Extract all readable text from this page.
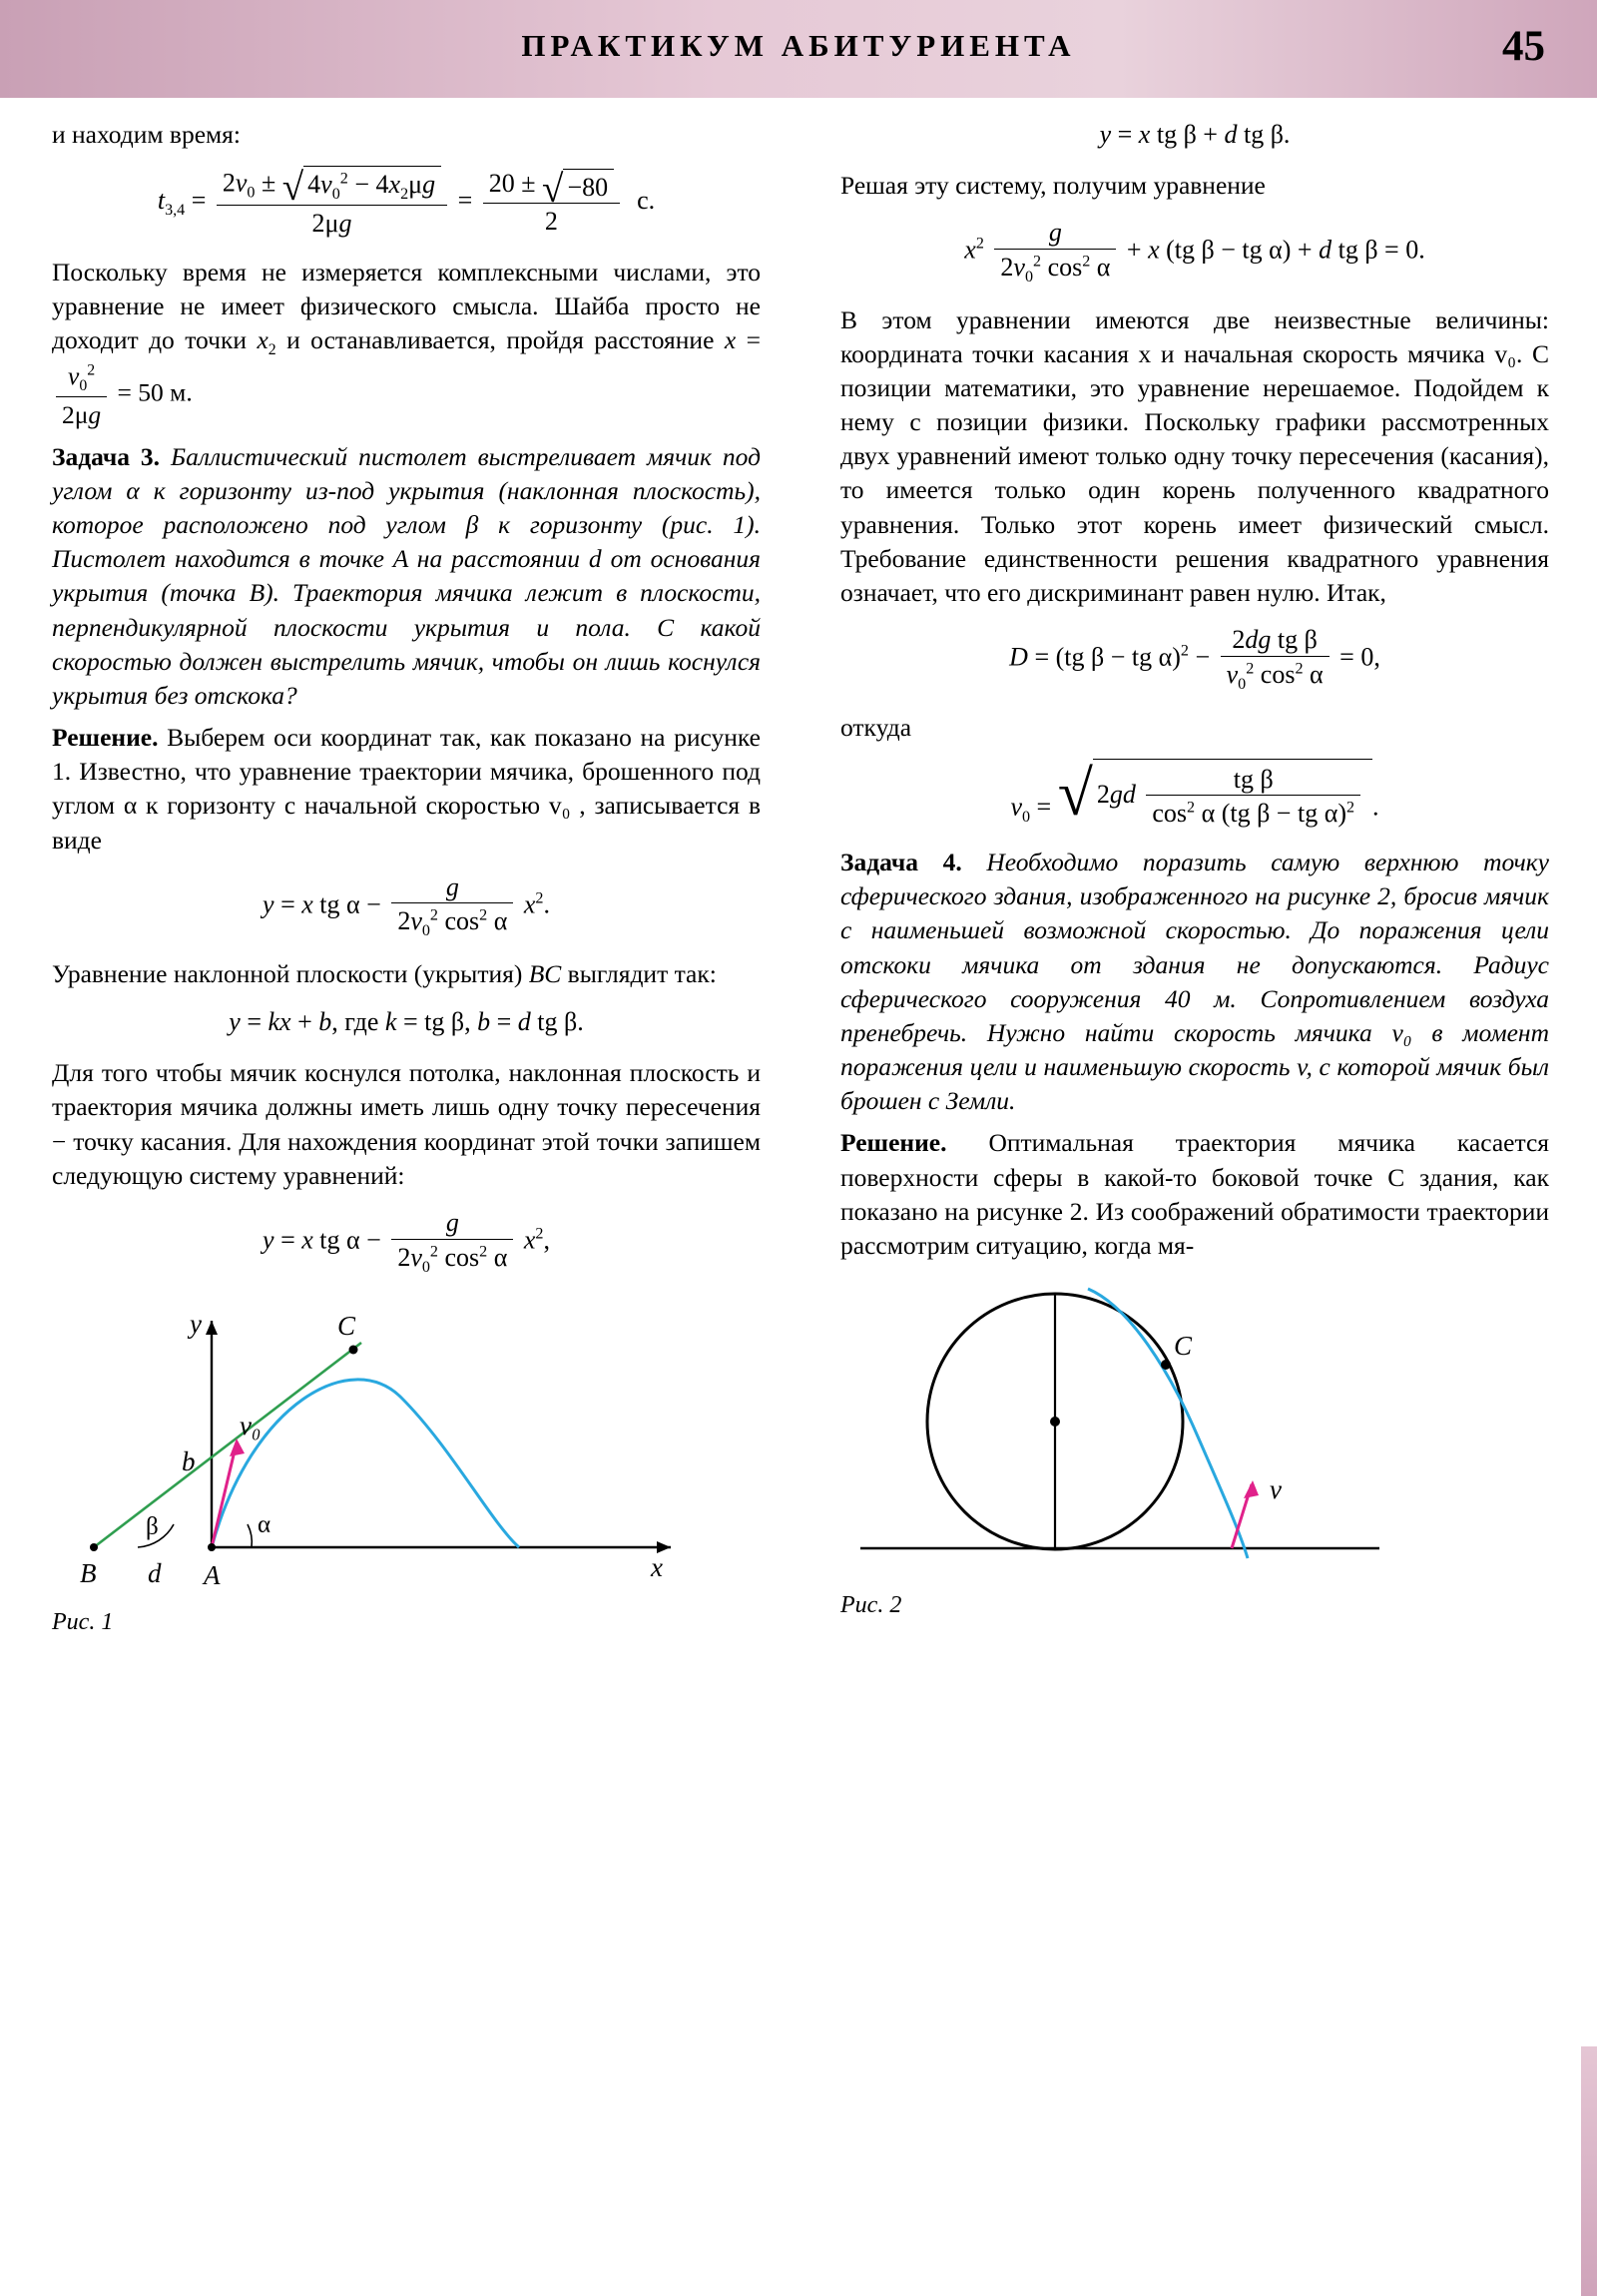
ПРАКТИКУМ АБИТУРИЕНТА	45

и находим время:

$t_{3,4} = \frac{2v_0 \pm √ 4v_0^2 - 4x_2\mu g}{2\mu g} = \frac{20 \pm √ -80}{2} с$.

Поскольку время не измеряется комплексными числами, это уравнение не имеет физического смысла. Шайба просто не доходит до точки $x_2$ и останавливается, пройдя расстояние x =
$\frac{v_0^2}{2\mu g} = 50$ м.

Задача 3. Баллистический пистолет выстреливает мячик под углом α к горизонту из-под укрытия (наклонная плоскость), которое расположено под углом β к горизонту (рис. 1). Пистолет находится в точке A на расстоянии d от основания укрытия (точка B). Траектория мячика лежит в плоскости, перпендикулярной плоскости укрытия и пола. С какой скоростью должен выстрелить мячик, чтобы он лишь коснулся укрытия без отскока?

Решение. Выберем оси координат так, как показано на рисунке 1. Известно, что уравнение траектории мячика, брошенного под углом α к горизонту с начальной скоростью v₀ , записывается в виде

y = x tg $\alpha - \frac{g}{2v_0^2 \cos^2 \alpha} x^2$.

Уравнение наклонной плоскости (укрытия) BC выглядит так:

y = kx + b, где k = tg β, b = d tg β.

Для того чтобы мячик коснулся потолка, наклонная плоскость и траектория мячика должны иметь лишь одну точку пересечения − точку касания. Для нахождения координат этой точки запишем следующую систему уравнений:

y = x tg $\alpha - \frac{g}{2v_0^2 \cos^2 \alpha} x^2$,
y
x
C
B	A
d
b
β	α
v₀
Рис. 1
y = x tg β + d tg β.

Решая эту систему, получим уравнение

$x^2 \frac{g}{2v_0^2 \cos^2 \alpha} + x$ (tg β − tg α) + d tg β = 0.

В этом уравнении имеются две неизвестные величины: координата точки касания x и начальная скорость мячика v₀. С позиции математики, это уравнение нерешаемое. Подойдем к нему с позиции физики. Поскольку графики рассмотренных двух уравнений имеют только одну точку пересечения (касания), то имеется только один корень полученного квадратного уравнения. Только этот корень имеет физический смысл. Требование единственности решения квадратного уравнения означает, что его дискриминант равен нулю. Итак,

D = (tg β − tg $\alpha)^2 - \frac{\text{2dg tg β}}{v_0^2 \cos^2 \alpha} = 0$,

откуда

$v_0$ = √ $2gd \frac{\text{tg β}}{\cos^2 \alpha (tg \beta - tg \alpha)^2}$ .

Задача 4. Необходимо поразить самую верхнюю точку сферического здания, изображенного на рисунке 2, бросив мячик с наименьшей возможной скоростью. До поражения цели отскоки мячика от здания не допускаются. Радиус сферического сооружения 40 м. Сопротивлением воздуха пренебречь. Нужно найти скорость мячика v₀ в момент поражения цели и наименьшую скорость v, с которой мячик был брошен с Земли.

Решение. Оптимальная траектория мячика касается поверхности сферы в какой-то боковой точке C здания, как показано на рисунке 2. Из соображений обратимости траектории рассмотрим ситуацию, когда мя-

C
v
Рис. 2
